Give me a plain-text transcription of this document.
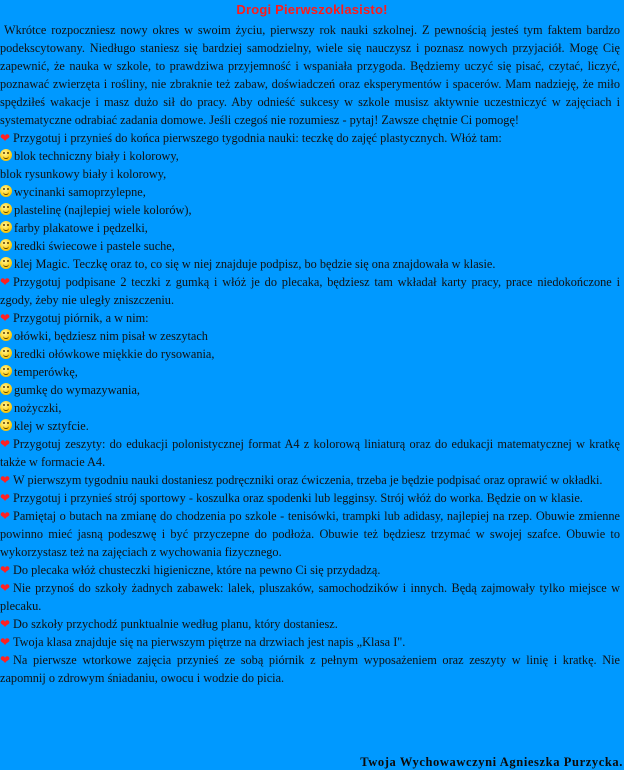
Drogi Pierwszoklasisto!

Wkrótce rozpoczniesz nowy okres w swoim życiu, pierwszy rok nauki szkolnej. Z pewnością jesteś tym faktem bardzo podekscytowany. Niedługo staniesz się bardziej samodzielny, wiele się nauczysz i poznasz nowych przyjaciół. Mogę Cię zapewnić, że nauka w szkole, to prawdziwa przyjemność i wspaniała przygoda. Będziemy uczyć się pisać, czytać, liczyć, poznawać zwierzęta i rośliny, nie zbraknie też zabaw, doświadczeń oraz eksperymentów i spacerów. Mam nadzieję, że miło spędziłeś wakacje i masz dużo sił do pracy. Aby odnieść sukcesy w szkole musisz aktywnie uczestniczyć w zajęciach i systematyczne odrabiać zadania domowe. Jeśli czegoś nie rozumiesz - pytaj! Zawsze chętnie Ci pomogę!

❤ Przygotuj i przynieś do końca pierwszego tygodnia nauki: teczkę do zajęć plastycznych. Włóż tam:

blok techniczny biały i kolorowy,

blok rysunkowy biały i kolorowy,

wycinanki samoprzylepne,

plastelinę (najlepiej wiele kolorów),

farby plakatowe i pędzelki,

kredki świecowe i pastele suche,

klej Magic. Teczkę oraz to, co się w niej znajduje podpisz, bo będzie się ona znajdowała w klasie.

❤ Przygotuj podpisane 2 teczki z gumką i włóż je do plecaka, będziesz tam wkładał karty pracy, prace niedokończone i zgody, żeby nie uległy zniszczeniu.

❤ Przygotuj piórnik, a w nim:

ołówki, będziesz nim pisał w zeszytach

kredki ołówkowe miękkie do rysowania,

temperówkę,

gumkę do wymazywania,

nożyczki,

klej w sztyfcie.

❤ Przygotuj zeszyty: do edukacji polonistycznej format A4 z kolorową liniaturą oraz do edukacji matematycznej w kratkę także w formacie A4.

❤ W pierwszym tygodniu nauki dostaniesz podręczniki oraz ćwiczenia, trzeba je będzie podpisać oraz oprawić w okładki.

❤ Przygotuj i przynieś strój sportowy - koszulka oraz spodenki lub legginsy. Strój włóż do worka. Będzie on w klasie.

❤ Pamiętaj o butach na zmianę do chodzenia po szkole - tenisówki, trampki lub adidasy, najlepiej na rzep. Obuwie zmienne powinno mieć jasną podeszwę i być przyczepne do podłoża. Obuwie też będziesz trzymać w swojej szafce. Obuwie to wykorzystasz też na zajęciach z wychowania fizycznego.

❤ Do plecaka włóż chusteczki higieniczne, które na pewno Ci się przydadzą.

❤ Nie przynoś do szkoły żadnych zabawek: lalek, pluszaków, samochodzików i innych. Będą zajmowały tylko miejsce w plecaku.

❤ Do szkoły przychodź punktualnie według planu, który dostaniesz.

❤ Twoja klasa znajduje się na pierwszym piętrze na drzwiach jest napis „Klasa I".

❤ Na pierwsze wtorkowe zajęcia przynieś ze sobą piórnik z pełnym wyposażeniem oraz zeszyty w linię i kratkę. Nie zapomnij o zdrowym śniadaniu, owocu i wodzie do picia.

Twoja Wychowawczyni Agnieszka Purzycka.
